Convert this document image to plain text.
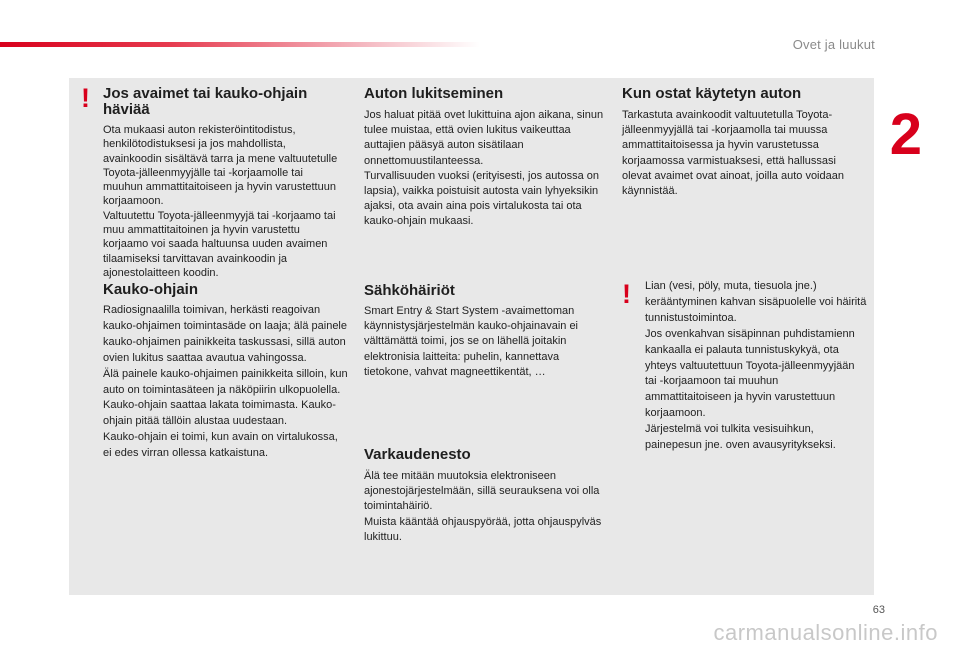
Ovet ja luukut
2
! Jos avaimet tai kauko-ohjain häviää

Ota mukaasi auton rekisteröintitodistus, henkilötodistuksesi ja jos mahdollista, avainkoodin sisältävä tarra ja mene valtuutetulle Toyota-jälleenmyyjälle tai -korjaamolle tai muuhun ammattitaitoiseen ja hyvin varustettuun korjaamoon.
Valtuutettu Toyota-jälleenmyyjä tai -korjaamo tai muu ammattitaitoinen ja hyvin varustettu korjaamo voi saada haltuunsa uuden avaimen tilaamiseksi tarvittavan avainkoodin ja ajonestolaitteen koodin.

Kauko-ohjain

Radiosignaalilla toimivan, herkästi reagoivan kauko-ohjaimen toimintasäde on laaja; älä painele kauko-ohjaimen painikkeita taskussasi, sillä auton ovien lukitus saattaa avautua vahingossa.
Älä painele kauko-ohjaimen painikkeita silloin, kun auto on toimintasäteen ja näköpiirin ulkopuolella. Kauko-ohjain saattaa lakata toimimasta. Kauko-ohjain pitää tällöin alustaa uudestaan.
Kauko-ohjain ei toimi, kun avain on virtalukossa, ei edes virran ollessa katkaistuna.

Auton lukitseminen

Jos haluat pitää ovet lukittuina ajon aikana, sinun tulee muistaa, että ovien lukitus vaikeuttaa auttajien pääsyä auton sisätilaan onnettomuustilanteessa.
Turvallisuuden vuoksi (erityisesti, jos autossa on lapsia), vaikka poistuisit autosta vain lyhyeksikin ajaksi, ota avain aina pois virtalukosta tai ota kauko-ohjain mukaasi.

Sähköhäiriöt

Smart Entry & Start System -avaimettoman käynnistysjärjestelmän kauko-ohjainavain ei välttämättä toimi, jos se on lähellä joitakin elektronisia laitteita: puhelin, kannettava tietokone, vahvat magneettikentät, …

Varkaudenesto

Älä tee mitään muutoksia elektroniseen ajonestojärjestelmään, sillä seurauksena voi olla toimintahäiriö.
Muista kääntää ohjauspyörää, jotta ohjauspylväs lukittuu.

Kun ostat käytetyn auton

Tarkastuta avainkoodit valtuutetulla Toyota-jälleenmyyjällä tai -korjaamolla tai muussa ammattitaitoisessa ja hyvin varustetussa korjaamossa varmistuaksesi, että hallussasi olevat avaimet ovat ainoat, joilla auto voidaan käynnistää.

! Lian (vesi, pöly, muta, tiesuola jne.) kerääntyminen kahvan sisäpuolelle voi häiritä tunnistustoimintoa.
Jos ovenkahvan sisäpinnan puhdistamienn kankaalla ei palauta tunnistuskykyä, ota yhteys valtuutettuun Toyota-jälleenmyyjään tai -korjaamoon tai muuhun ammattitaitoiseen ja hyvin varustettuun korjaamoon.
Järjestelmä voi tulkita vesisuihkun, painepesun jne. oven avausyritykseksi.

63
carmanualsonline.info
